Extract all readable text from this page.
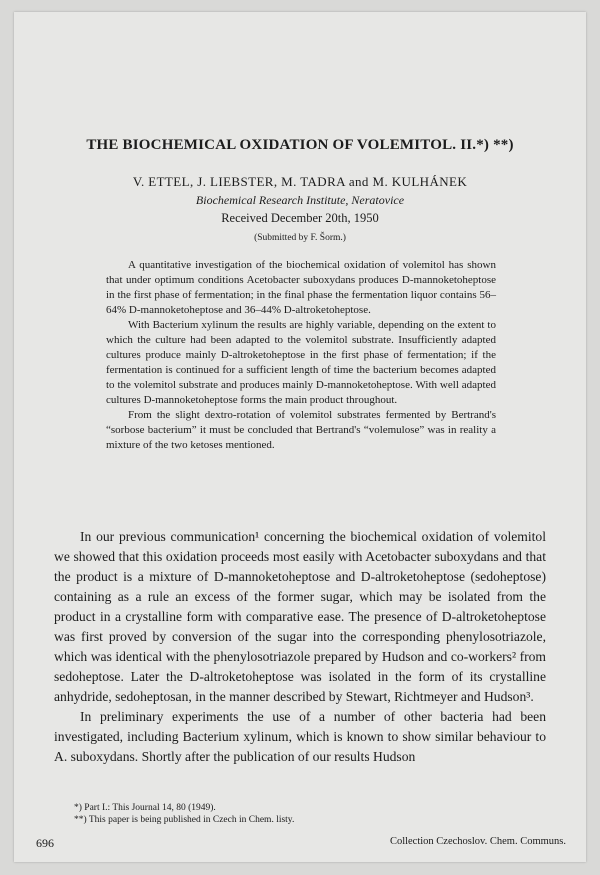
THE BIOCHEMICAL OXIDATION OF VOLEMITOL. II.*) **)
V. ETTEL, J. LIEBSTER, M. TADRA and M. KULHÁNEK
Biochemical Research Institute, Neratovice
Received December 20th, 1950
(Submitted by F. Šorm.)

A quantitative investigation of the biochemical oxidation of volemitol has shown that under optimum conditions Acetobacter suboxydans produces D-mannoketoheptose in the first phase of fermentation; in the final phase the fermentation liquor contains 56–64% D-mannoketoheptose and 36–44% D-altroketoheptose.

With Bacterium xylinum the results are highly variable, depending on the extent to which the culture had been adapted to the volemitol substrate. Insufficiently adapted cultures produce mainly D-altroketoheptose in the first phase of fermentation; if the fermentation is continued for a sufficient length of time the bacterium becomes adapted to the volemitol substrate and produces mainly D-mannoketoheptose. With well adapted cultures D-mannoketoheptose forms the main product throughout.

From the slight dextro-rotation of volemitol substrates fermented by Bertrand's “sorbose bacterium” it must be concluded that Bertrand's “volemulose” was in reality a mixture of the two ketoses mentioned.

In our previous communication¹ concerning the biochemical oxidation of volemitol we showed that this oxidation proceeds most easily with Acetobacter suboxydans and that the product is a mixture of D-mannoketoheptose and D-altroketoheptose (sedoheptose) containing as a rule an excess of the former sugar, which may be isolated from the product in a crystalline form with comparative ease. The presence of D-altroketoheptose was first proved by conversion of the sugar into the corresponding phenylosotriazole, which was identical with the phenylosotriazole prepared by Hudson and co-workers² from sedoheptose. Later the D-altroketoheptose was isolated in the form of its crystalline anhydride, sedoheptosan, in the manner described by Stewart, Richtmeyer and Hudson³.

In preliminary experiments the use of a number of other bacteria had been investigated, including Bacterium xylinum, which is known to show similar behaviour to A. suboxydans. Shortly after the publication of our results Hudson

*) Part I.: This Journal 14, 80 (1949).
**) This paper is being published in Czech in Chem. listy.
696	Collection Czechoslov. Chem. Communs.
